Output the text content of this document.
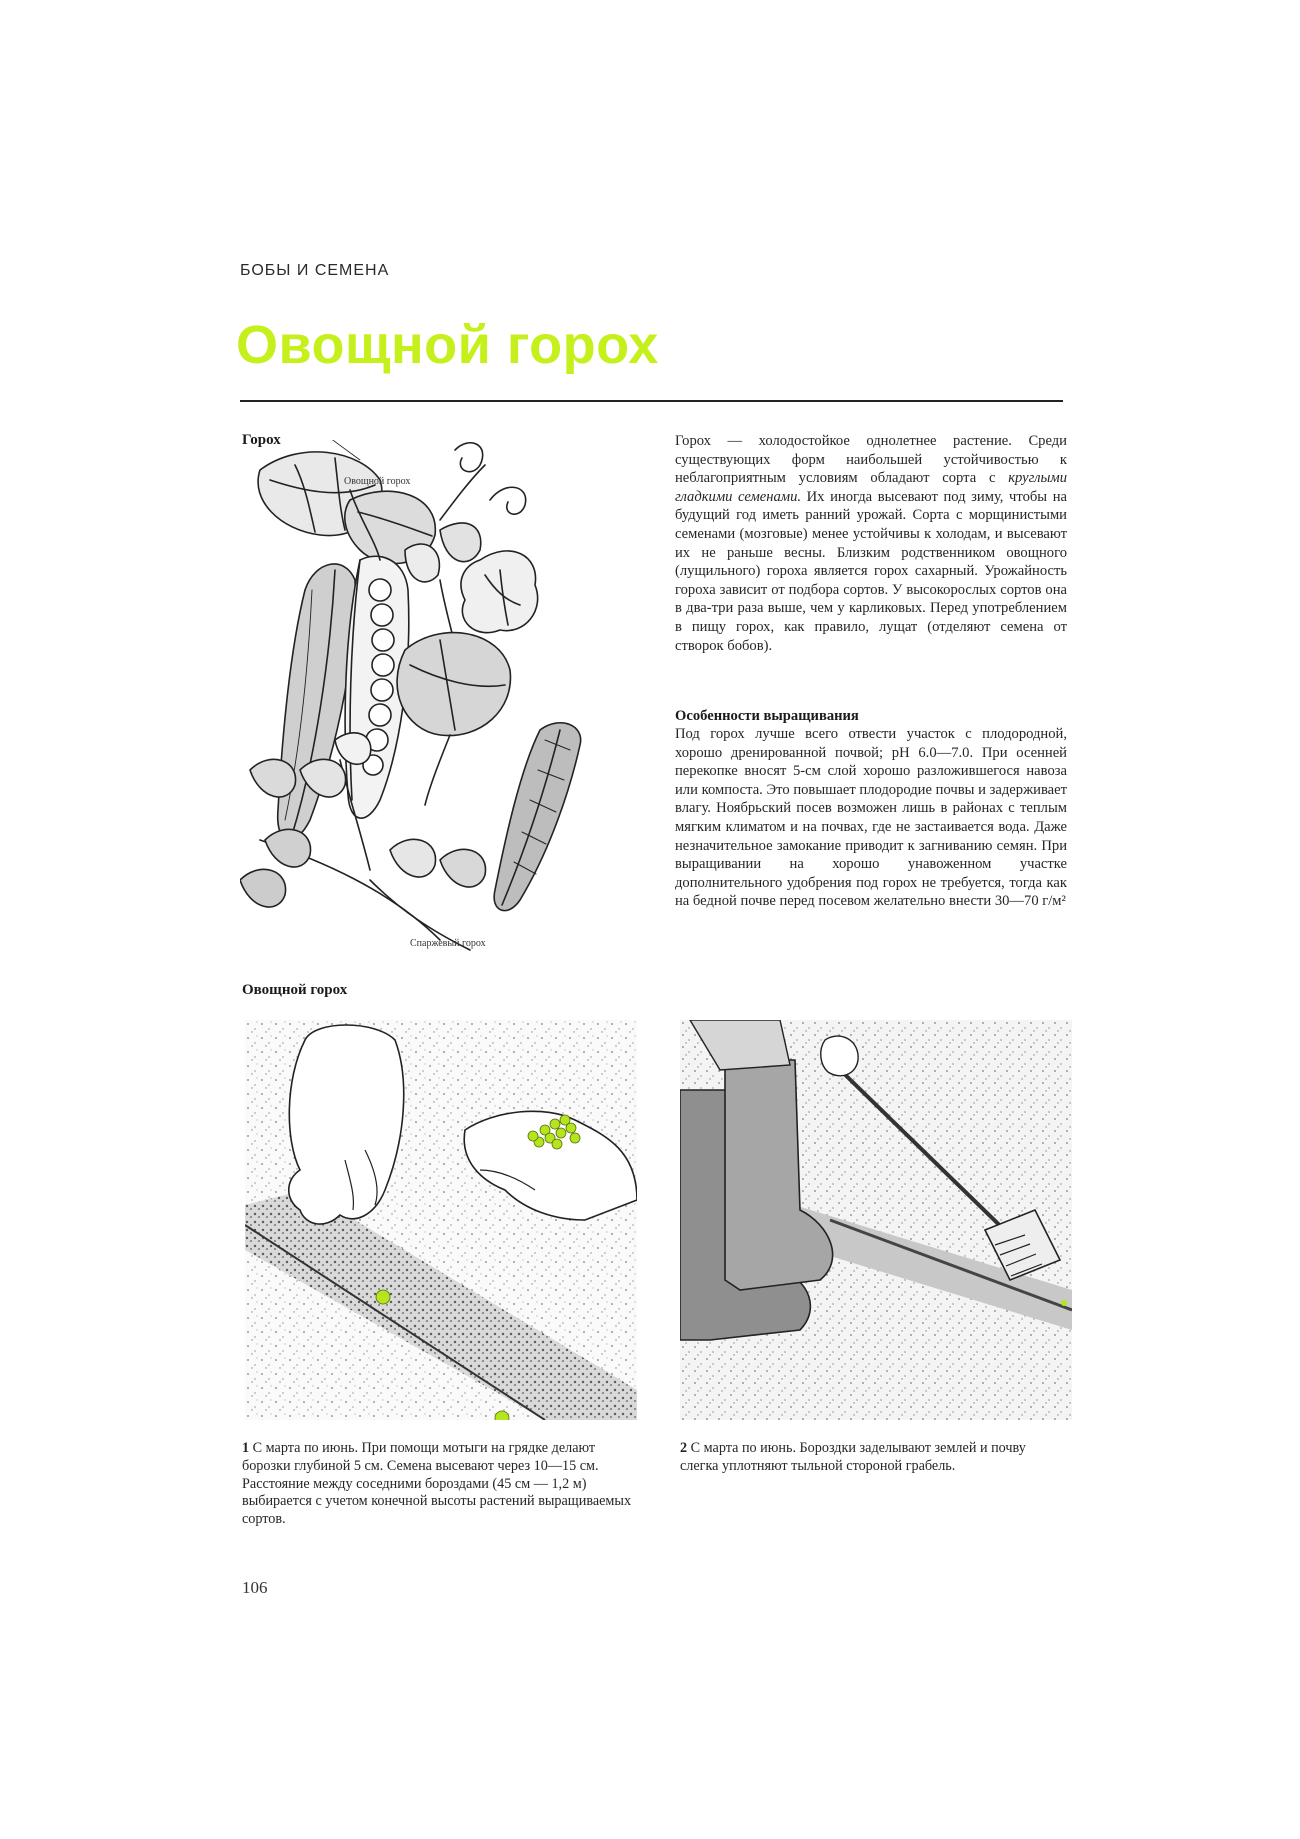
БОБЫ И СЕМЕНА
Овощной горох
Горох
Овощной горох
Спаржевый горох
Овощной горох
Горох — холодостойкое однолетнее растение. Среди существующих форм наибольшей устойчивостью к неблагоприятным условиям обладают сорта с круглыми гладкими семенами. Их иногда высевают под зиму, чтобы на будущий год иметь ранний урожай. Сорта с морщинистыми семенами (мозговые) менее устойчивы к холодам, и высевают их не раньше весны. Близким родственником овощного (лущильного) гороха является горох сахарный. Урожайность гороха зависит от подбора сортов. У высокорослых сортов она в два-три раза выше, чем у карликовых. Перед употреблением в пищу горох, как правило, лущат (отделяют семена от створок бобов).
Особенности выращивания
Под горох лучше всего отвести участок с плодородной, хорошо дренированной почвой; pH 6.0—7.0. При осенней перекопке вносят 5-см слой хорошо разложившегося навоза или компоста. Это повышает плодородие почвы и задерживает влагу. Ноябрьский посев возможен лишь в районах с теплым мягким климатом и на почвах, где не застаивается вода. Даже незначительное замокание приводит к загниванию семян. При выращивании на хорошо унавоженном участке дополнительного удобрения под горох не требуется, тогда как на бедной почве перед посевом желательно внести 30—70 г/м²
1 С марта по июнь. При помощи мотыги на грядке делают борозки глубиной 5 см. Семена высевают через 10—15 см. Расстояние между соседними бороздами (45 см — 1,2 м) выбирается с учетом конечной высоты растений выращиваемых сортов.
2 С марта по июнь. Бороздки заделывают землей и почву слегка уплотняют тыльной стороной грабель.
106
